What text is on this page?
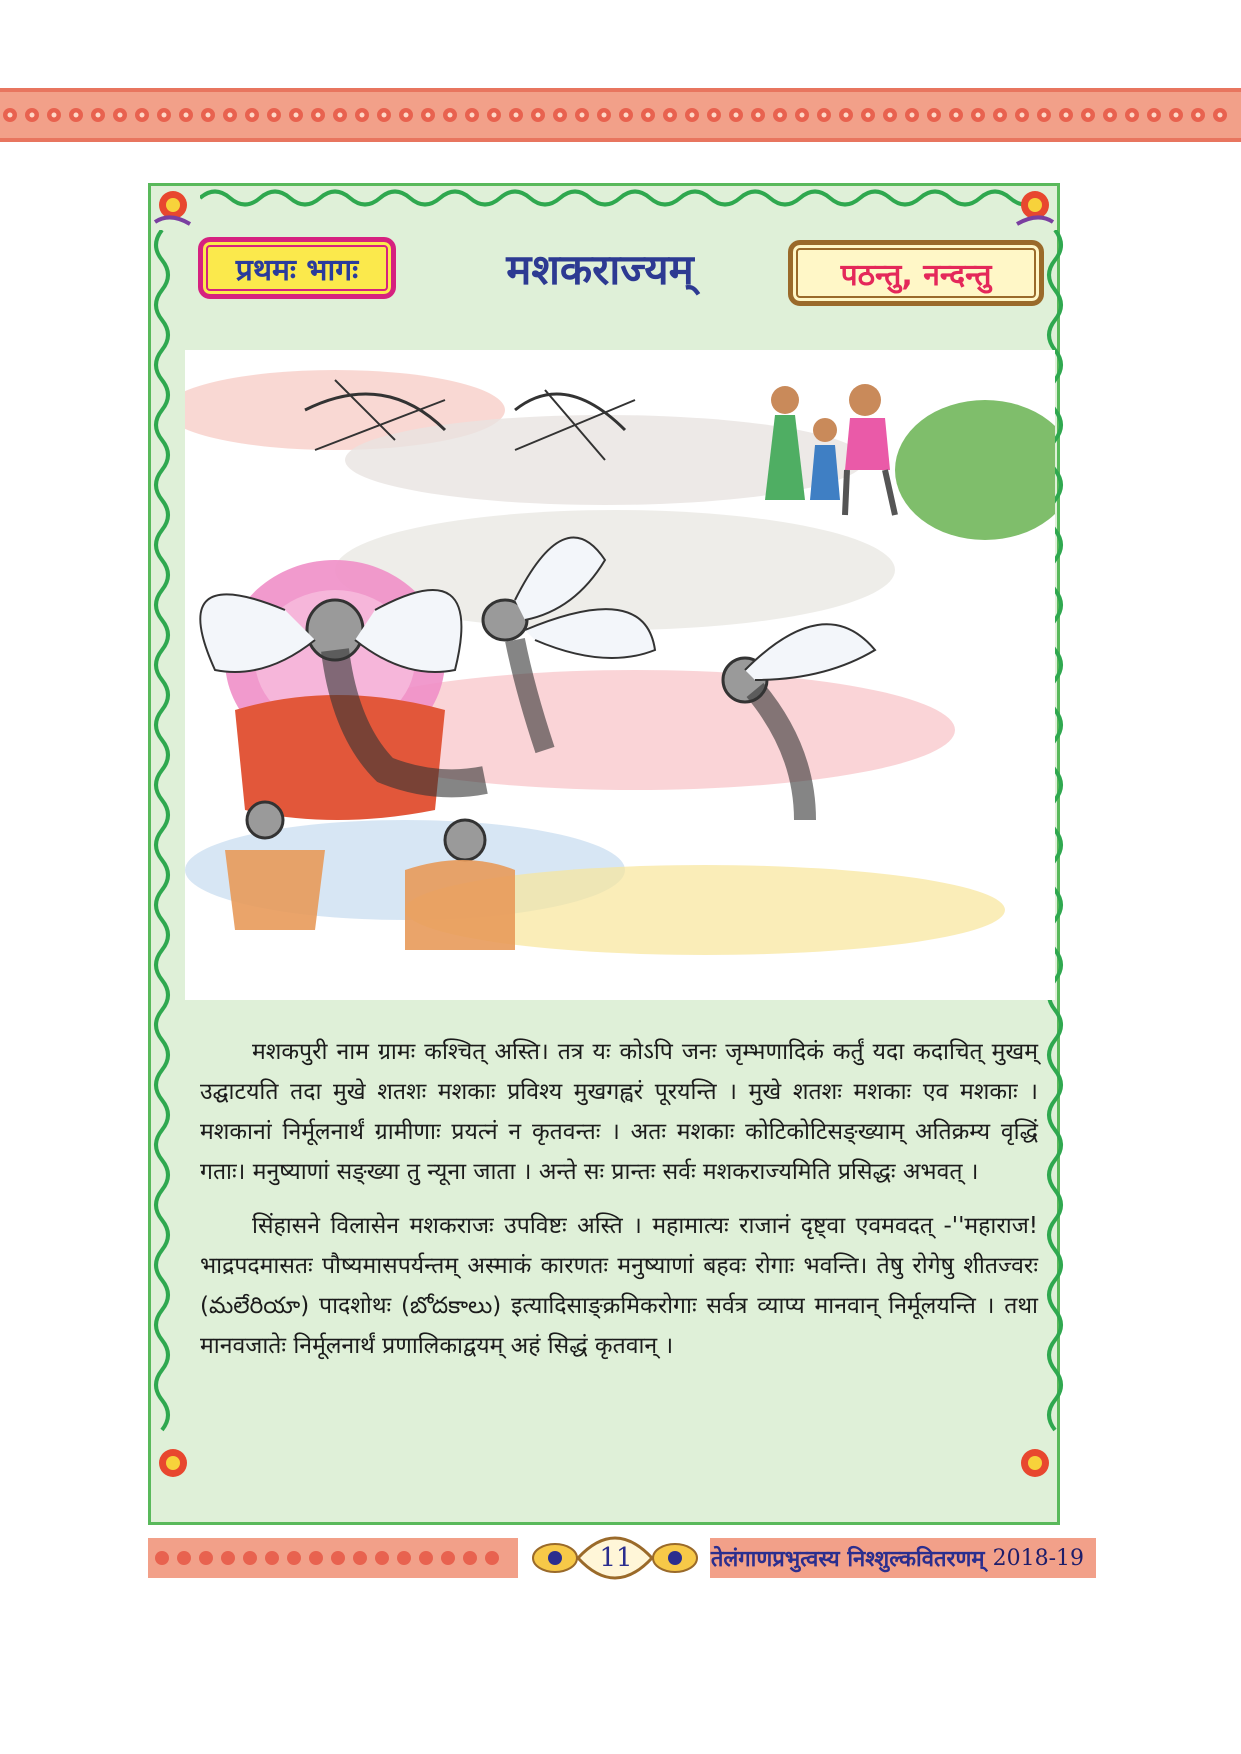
प्रथमः भागः	मशकराज्यम्	पठन्तु, नन्दन्तु

मशकपुरी नाम ग्रामः कश्चित् अस्ति। तत्र यः कोऽपि जनः जृम्भणादिकं कर्तुं यदा कदाचित् मुखम् उद्घाटयति तदा मुखे शतशः मशकाः प्रविश्य मुखगह्वरं पूरयन्ति । मुखे शतशः मशकाः एव मशकाः । मशकानां निर्मूलनार्थं ग्रामीणाः प्रयत्नं न कृतवन्तः । अतः मशकाः कोटिकोटिसङ्ख्याम् अतिक्रम्य वृद्धिं गताः। मनुष्याणां सङ्ख्या तु न्यूना जाता । अन्ते सः प्रान्तः सर्वः मशकराज्यमिति प्रसिद्धः अभवत् ।

सिंहासने विलासेन मशकराजः उपविष्टः अस्ति । महामात्यः राजानं दृष्ट्वा एवमवदत् -''महाराज! भाद्रपदमासतः पौष्यमासपर्यन्तम् अस्माकं कारणतः मनुष्याणां बहवः रोगाः भवन्ति। तेषु रोगेषु शीतज्वरः (మలేరియా) पादशोथः (బోదకాలు) इत्यादिसाङ्क्रमिकरोगाः सर्वत्र व्याप्य मानवान् निर्मूलयन्ति । तथा मानवजातेः निर्मूलनार्थं प्रणालिकाद्वयम् अहं सिद्धं कृतवान् ।

11	तेलंगाणप्रभुत्वस्य निश्शुल्कवितरणम् 2018-19
